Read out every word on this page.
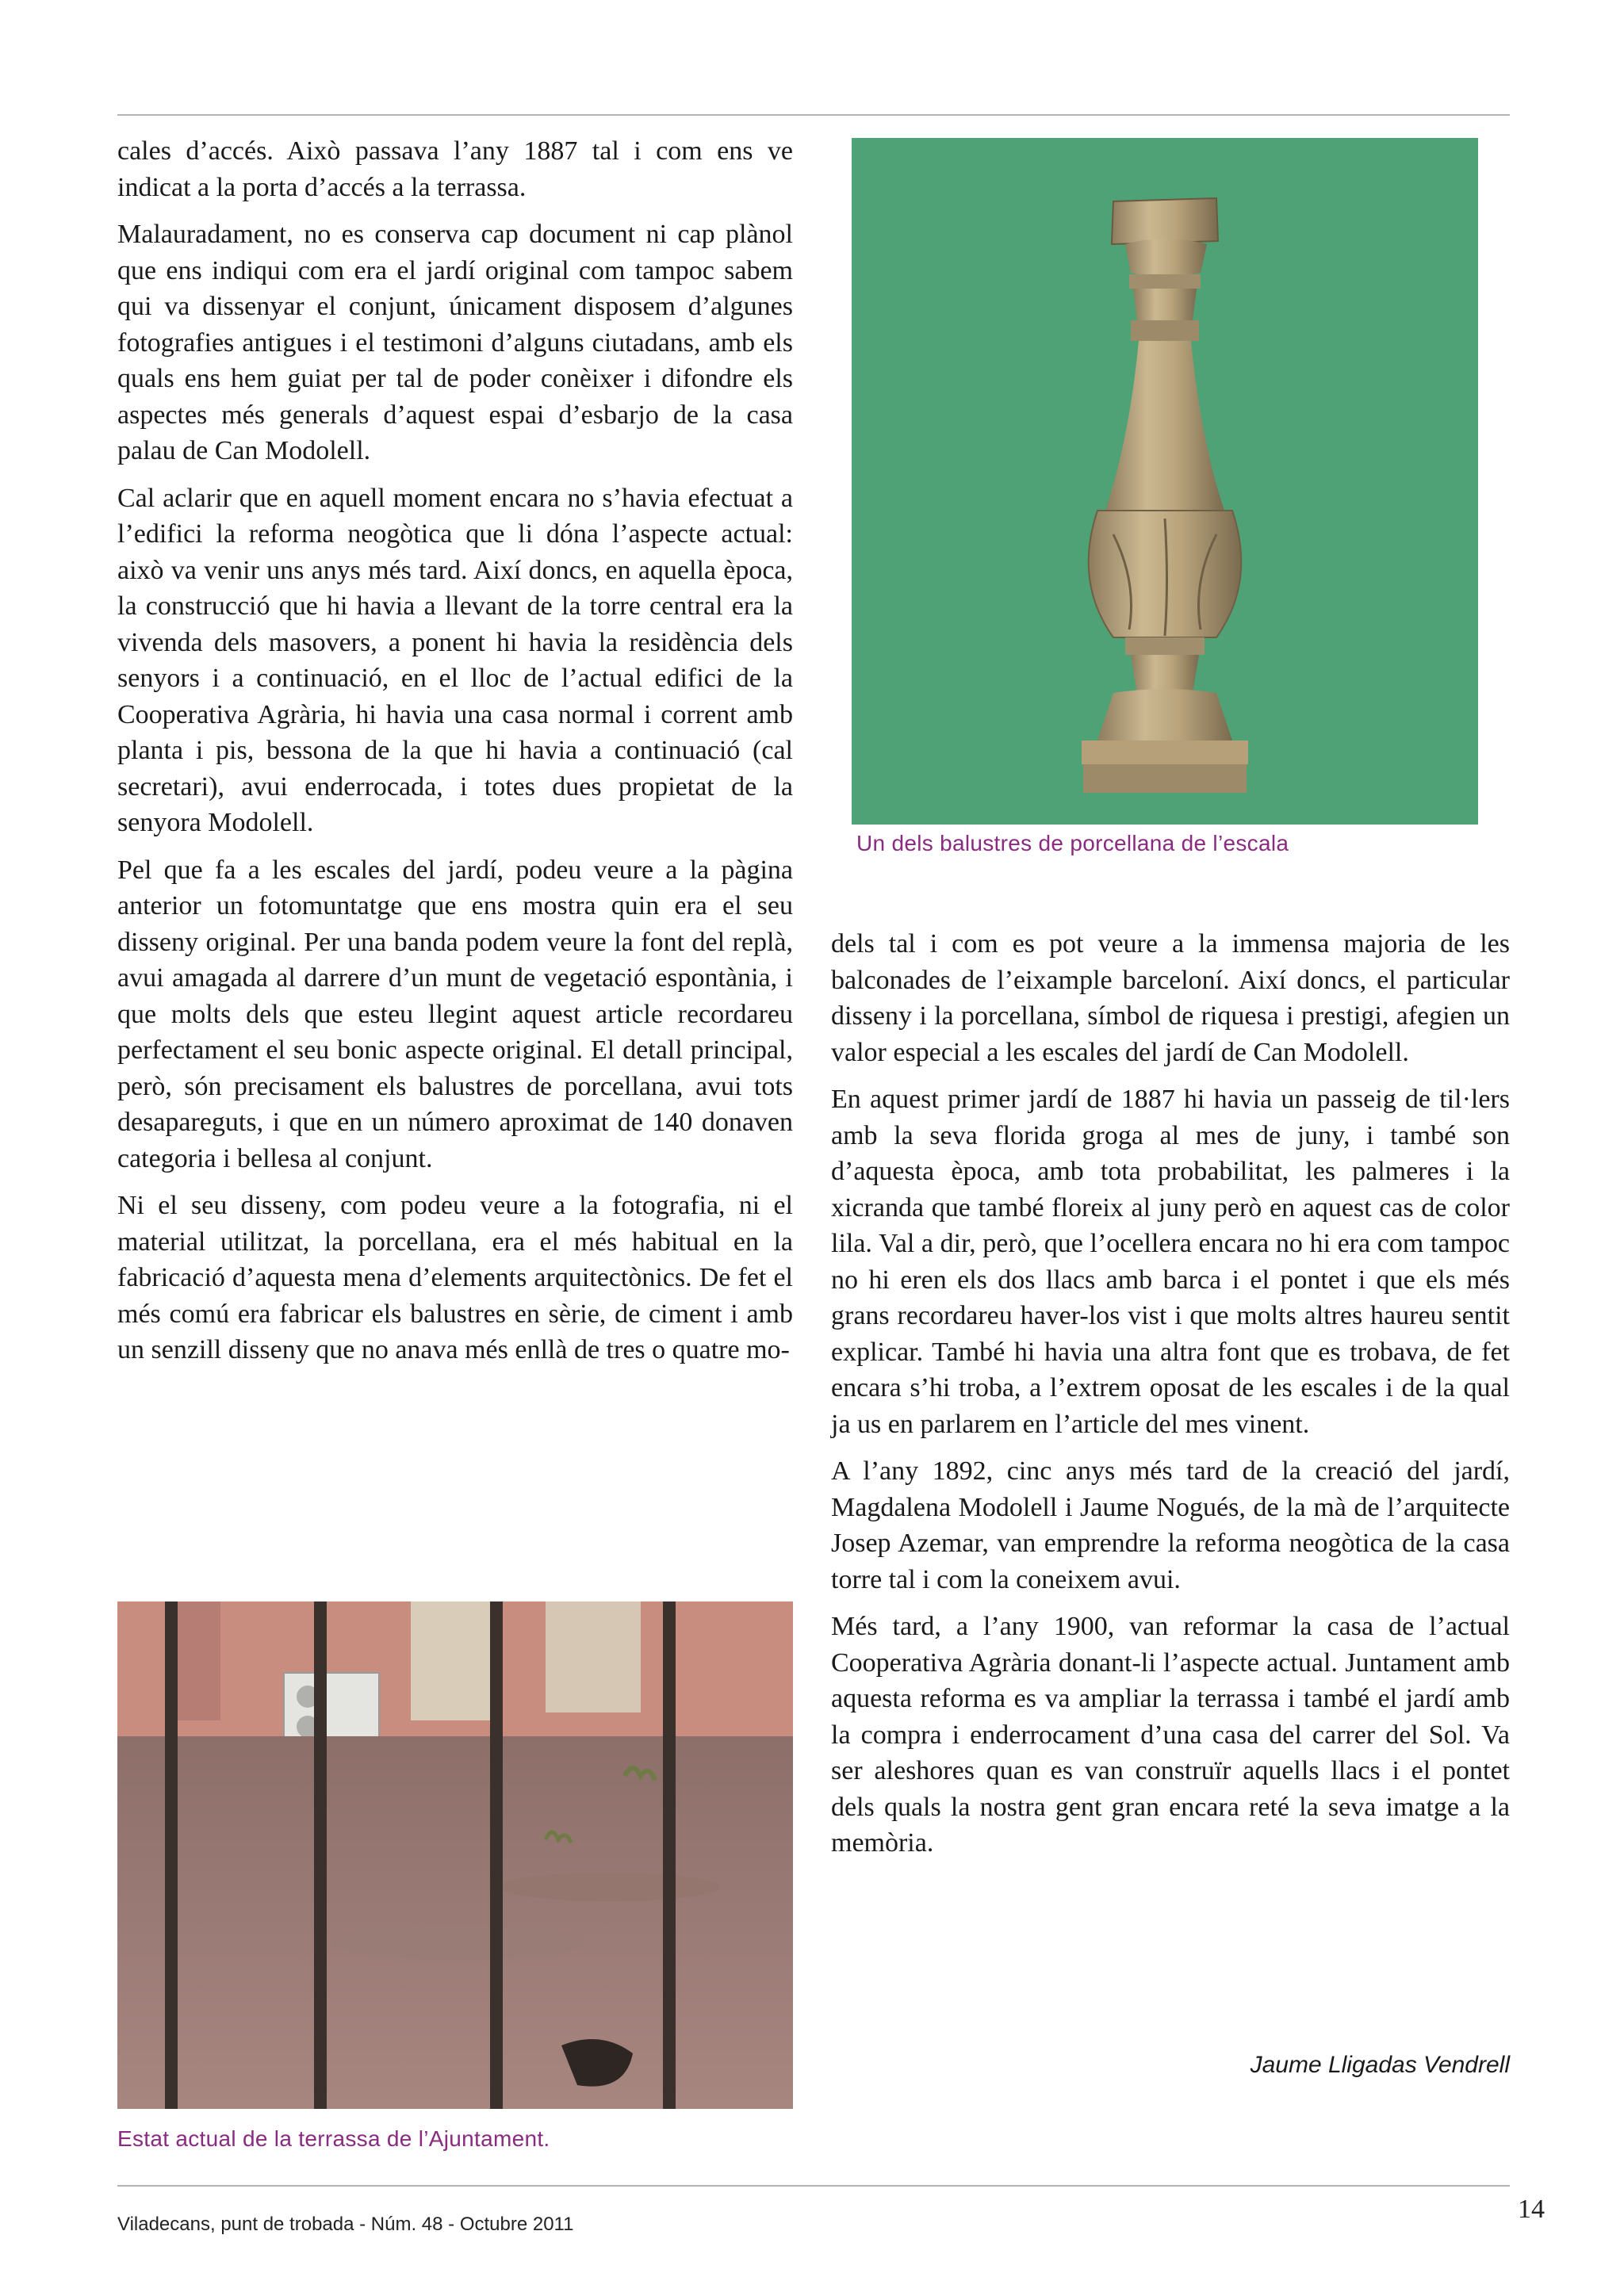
cales d’accés. Això passava l’any 1887 tal i com ens ve indicat a la porta d’accés a la terrassa.

Malauradament, no es conserva cap document ni cap plànol que ens indiqui com era el jardí original com tampoc sabem qui va dissenyar el conjunt, únicament disposem d’algunes fotografies antigues i el testimoni d’alguns ciutadans, amb els quals ens hem guiat per tal de poder conèixer i difondre els aspectes més generals d’aquest espai d’esbarjo de la casa palau de Can Modolell.

Cal aclarir que en aquell moment encara no s’havia efectuat a l’edifici la reforma neogòtica que li dóna l’aspecte actual: això va venir uns anys més tard. Així doncs, en aquella època, la construcció que hi havia a llevant de la torre central era la vivenda dels masovers, a ponent hi havia la residència dels senyors i a continuació, en el lloc de l’actual edifici de la Cooperativa Agrària, hi havia una casa normal i corrent amb planta i pis, bessona de la que hi havia a continuació (cal secretari), avui enderrocada, i totes dues propietat de la senyora Modolell.

Pel que fa a les escales del jardí, podeu veure a la pàgina anterior un fotomuntatge que ens mostra quin era el seu disseny original. Per una banda podem veure la font del replà, avui amagada al darrere d’un munt de vegetació espontània, i que molts dels que esteu llegint aquest article recordareu perfectament el seu bonic aspecte original. El detall principal, però, són precisament els balustres de porcellana, avui tots desapareguts, i que en un número aproximat de 140 donaven categoria i bellesa al conjunt.

Ni el seu disseny, com podeu veure a la fotografia, ni el material utilitzat, la porcellana, era el més habitual en la fabricació d’aquesta mena d’elements arquitectònics. De fet el més comú era fabricar els balustres en sèrie, de ciment i amb un senzill disseny que no anava més enllà de tres o quatre mo-

Un dels balustres de porcellana de l’escala

dels tal i com es pot veure a la immensa majoria de les balconades de l’eixample barceloní. Així doncs, el particular disseny i la porcellana, símbol de riquesa i prestigi, afegien un valor especial a les escales del jardí de Can Modolell.

En aquest primer jardí de 1887 hi havia un passeig de til·lers amb la seva florida groga al mes de juny, i també son d’aquesta època, amb tota probabilitat, les palmeres i la xicranda que també floreix al juny però en aquest cas de color lila. Val a dir, però, que l’ocellera encara no hi era com tampoc no hi eren els dos llacs amb barca i el pontet i que els més grans recordareu haver-los vist i que molts altres haureu sentit explicar. També hi havia una altra font que es trobava, de fet encara s’hi troba, a l’extrem oposat de les escales i de la qual ja us en parlarem en l’article del mes vinent.

A l’any 1892, cinc anys més tard de la creació del jardí, Magdalena Modolell i Jaume Nogués, de la mà de l’arquitecte Josep Azemar, van emprendre la reforma neogòtica de la casa torre tal i com la coneixem avui.

Més tard, a l’any 1900, van reformar la casa de l’actual Cooperativa Agrària donant-li l’aspecte actual. Juntament amb aquesta reforma es va ampliar la terrassa i també el jardí amb la compra i enderrocament d’una casa del carrer del Sol. Va ser aleshores quan es van construïr aquells llacs i el pontet dels quals la nostra gent gran encara reté la seva imatge a la memòria.

Jaume Lligadas Vendrell
Estat actual de la terrassa de l’Ajuntament.
Viladecans, punt de trobada - Núm. 48 - Octubre 2011
14
